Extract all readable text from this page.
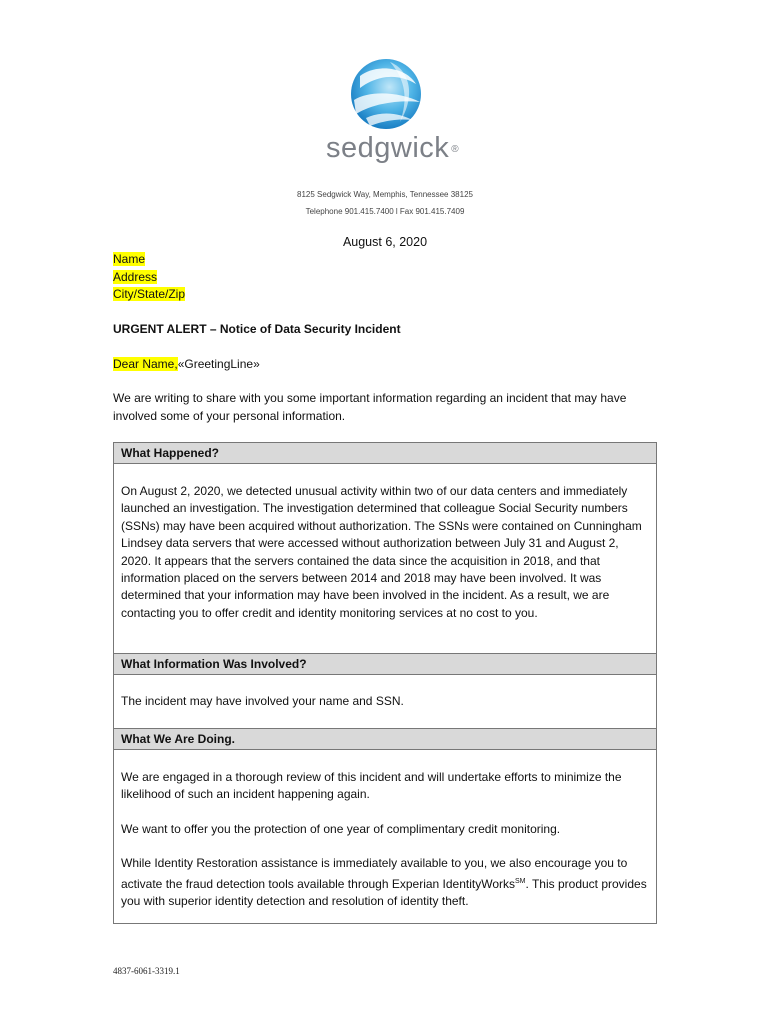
sedgwick ®
8125 Sedgwick Way, Memphis, Tennessee 38125
Telephone 901.415.7400 l Fax 901.415.7409
August 6, 2020
Name
Address
City/State/Zip
URGENT ALERT – Notice of Data Security Incident
Dear Name,«GreetingLine»
We are writing to share with you some important information regarding an incident that may have involved some of your personal information.
What Happened?

On August 2, 2020, we detected unusual activity within two of our data centers and immediately launched an investigation. The investigation determined that colleague Social Security numbers (SSNs) may have been acquired without authorization. The SSNs were contained on Cunningham Lindsey data servers that were accessed without authorization between July 31 and August 2, 2020. It appears that the servers contained the data since the acquisition in 2018, and that information placed on the servers between 2014 and 2018 may have been involved. It was determined that your information may have been involved in the incident. As a result, we are contacting you to offer credit and identity monitoring services at no cost to you.

What Information Was Involved?

The incident may have involved your name and SSN.

What We Are Doing.

We are engaged in a thorough review of this incident and will undertake efforts to minimize the likelihood of such an incident happening again.

We want to offer you the protection of one year of complimentary credit monitoring.

While Identity Restoration assistance is immediately available to you, we also encourage you to activate the fraud detection tools available through Experian IdentityWorks℠. This product provides you with superior identity detection and resolution of identity theft.

4837-6061-3319.1
